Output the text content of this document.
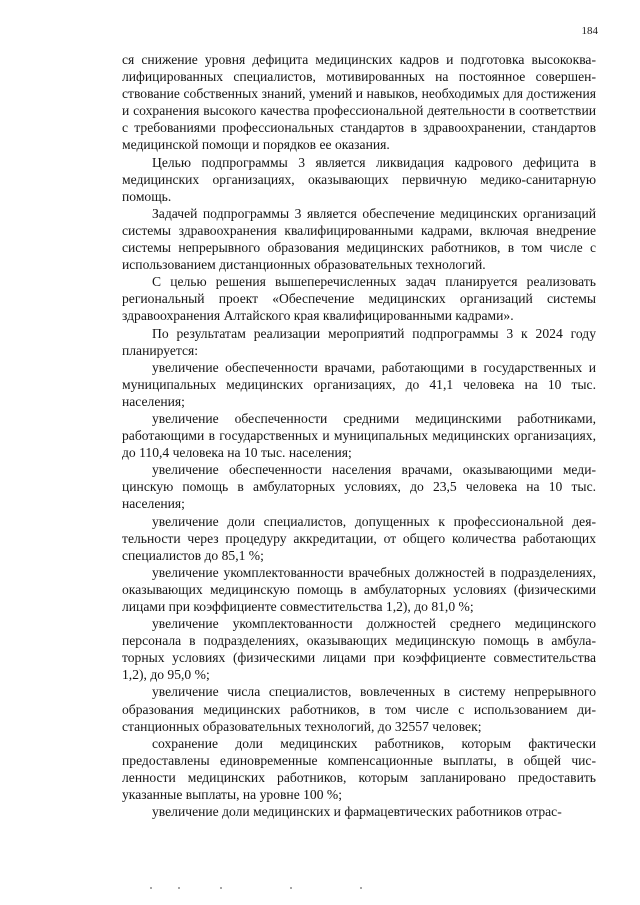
184

ся снижение уровня дефицита медицинских кадров и подготовка высококвалифицированных специалистов, мотивированных на постоянное совершенствование собственных знаний, умений и навыков, необходимых для достижения и сохранения высокого качества профессиональной деятельности в соответствии с требованиями профессиональных стандартов в здравоохранении, стандартов медицинской помощи и порядков ее оказания.

Целью подпрограммы 3 является ликвидация кадрового дефицита в медицинских организациях, оказывающих первичную медико-санитарную помощь.

Задачей подпрограммы 3 является обеспечение медицинских организаций системы здравоохранения квалифицированными кадрами, включая внедрение системы непрерывного образования медицинских работников, в том числе с использованием дистанционных образовательных технологий.

С целью решения вышеперечисленных задач планируется реализовать региональный проект «Обеспечение медицинских организаций системы здравоохранения Алтайского края квалифицированными кадрами».

По результатам реализации мероприятий подпрограммы 3 к 2024 году планируется:

увеличение обеспеченности врачами, работающими в государственных и муниципальных медицинских организациях, до 41,1 человека на 10 тыс. населения;

увеличение обеспеченности средними медицинскими работниками, работающими в государственных и муниципальных медицинских организациях, до 110,4 человека на 10 тыс. населения;

увеличение обеспеченности населения врачами, оказывающими медицинскую помощь в амбулаторных условиях, до 23,5 человека на 10 тыс. населения;

увеличение доли специалистов, допущенных к профессиональной деятельности через процедуру аккредитации, от общего количества работающих специалистов до 85,1 %;

увеличение укомплектованности врачебных должностей в подразделениях, оказывающих медицинскую помощь в амбулаторных условиях (физическими лицами при коэффициенте совместительства 1,2), до 81,0 %;

увеличение укомплектованности должностей среднего медицинского персонала в подразделениях, оказывающих медицинскую помощь в амбулаторных условиях (физическими лицами при коэффициенте совместительства 1,2), до 95,0 %;

увеличение числа специалистов, вовлеченных в систему непрерывного образования медицинских работников, в том числе с использованием дистанционных образовательных технологий, до 32557 человек;

сохранение доли медицинских работников, которым фактически предоставлены единовременные компенсационные выплаты, в общей численности медицинских работников, которым запланировано предоставить указанные выплаты, на уровне 100 %;

увеличение доли медицинских и фармацевтических работников отрас-
